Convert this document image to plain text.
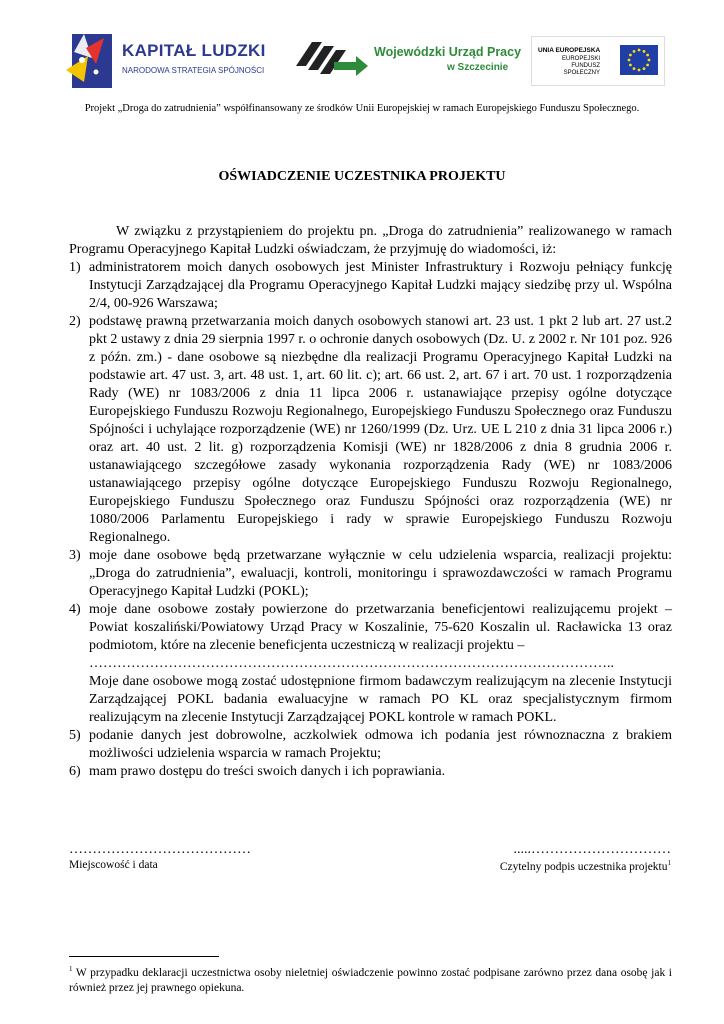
KAPITAŁ LUDZKI
NARODOWA STRATEGIA SPÓJNOŚCI
Wojewódzki Urząd Pracy
w Szczecinie
UNIA EUROPEJSKA
EUROPEJSKI
FUNDUSZ SPOŁECZNY
Projekt „Droga do zatrudnienia” współfinansowany ze środków Unii Europejskiej w ramach Europejskiego Funduszu Społecznego.
OŚWIADCZENIE UCZESTNIKA PROJEKTU

W związku z przystąpieniem do projektu pn. „Droga do zatrudnienia” realizowanego w ramach Programu Operacyjnego Kapitał Ludzki oświadczam, że przyjmuję do wiadomości, iż:

1) administratorem moich danych osobowych jest Minister Infrastruktury i Rozwoju pełniący funkcję Instytucji Zarządzającej dla Programu Operacyjnego Kapitał Ludzki mający siedzibę przy ul. Wspólna 2/4, 00-926 Warszawa;
2) podstawę prawną przetwarzania moich danych osobowych stanowi art. 23 ust. 1 pkt 2 lub art. 27 ust.2 pkt 2 ustawy z dnia 29 sierpnia 1997 r. o ochronie danych osobowych (Dz. U. z 2002 r. Nr 101 poz. 926 z późn. zm.) - dane osobowe są niezbędne dla realizacji Programu Operacyjnego Kapitał Ludzki na podstawie art. 47 ust. 3, art. 48 ust. 1, art. 60 lit. c); art. 66 ust. 2, art. 67 i art. 70 ust. 1 rozporządzenia Rady (WE) nr 1083/2006 z dnia 11 lipca 2006 r. ustanawiające przepisy ogólne dotyczące Europejskiego Funduszu Rozwoju Regionalnego, Europejskiego Funduszu Społecznego oraz Funduszu Spójności i uchylające rozporządzenie (WE) nr 1260/1999 (Dz. Urz. UE L 210 z dnia 31 lipca 2006 r.) oraz art. 40 ust. 2 lit. g) rozporządzenia Komisji (WE) nr 1828/2006 z dnia 8 grudnia 2006 r. ustanawiającego szczegółowe zasady wykonania rozporządzenia Rady (WE) nr 1083/2006 ustanawiającego przepisy ogólne dotyczące Europejskiego Funduszu Rozwoju Regionalnego, Europejskiego Funduszu Społecznego oraz Funduszu Spójności oraz rozporządzenia (WE) nr 1080/2006 Parlamentu Europejskiego i rady w sprawie Europejskiego Funduszu Rozwoju Regionalnego.
3) moje dane osobowe będą przetwarzane wyłącznie w celu udzielenia wsparcia, realizacji projektu: „Droga do zatrudnienia”, ewaluacji, kontroli, monitoringu i sprawozdawczości w ramach Programu Operacyjnego Kapitał Ludzki (POKL);
4) moje dane osobowe zostały powierzone do przetwarzania beneficjentowi realizującemu projekt – Powiat koszaliński/Powiatowy Urząd Pracy w Koszalinie, 75-620 Koszalin ul. Racławicka 13 oraz podmiotom, które na zlecenie beneficjenta uczestniczą w realizacji projektu –
…………………………………………………………………………………………………..

Moje dane osobowe mogą zostać udostępnione firmom badawczym realizującym na zlecenie Instytucji Zarządzającej POKL badania ewaluacyjne w ramach PO KL oraz specjalistycznym firmom realizującym na zlecenie Instytucji Zarządzającej POKL kontrole w ramach POKL.

5) podanie danych jest dobrowolne, aczkolwiek odmowa ich podania jest równoznaczna z brakiem możliwości udzielenia wsparcia w ramach Projektu;
6) mam prawo dostępu do treści swoich danych i ich poprawiania.
…………………………………
Miejscowość i data
.....…………………………
Czytelny podpis uczestnika projektu$^1$
$^1$ W przypadku deklaracji uczestnictwa osoby nieletniej oświadczenie powinno zostać podpisane zarówno przez dana osobę jak i również przez jej prawnego opiekuna.
